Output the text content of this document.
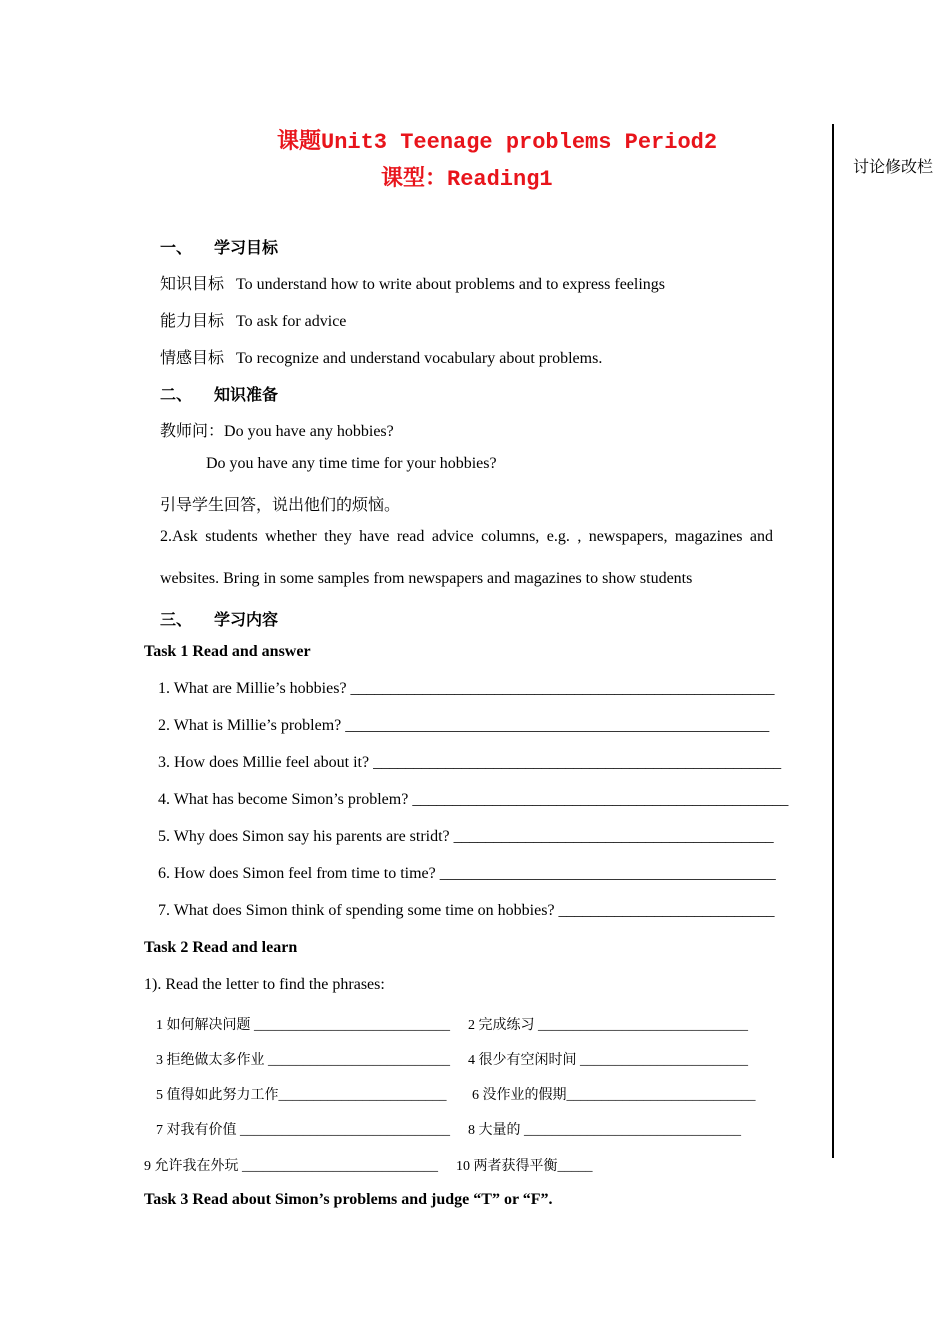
讨论修改栏
课题Unit3 Teenage problems Period2
课型：Reading1
一、 学习目标
知识目标 To understand how to write about problems and to express feelings
能力目标 To ask for advice
情感目标 To recognize and understand vocabulary about problems.
二、 知识准备
教师问：Do you have any hobbies?
Do you have any time time for your hobbies?
引导学生回答，说出他们的烦恼。
2.Ask students whether they have read advice columns, e.g. , newspapers, magazines and
websites. Bring in some samples from newspapers and magazines to show students
三、 学习内容
Task 1 Read and answer
1. What are Millie’s hobbies? _____________________________________________________
2. What is Millie’s problem? _____________________________________________________
3. How does Millie feel about it? ___________________________________________________
4. What has become Simon’s problem? _______________________________________________
5. Why does Simon say his parents are stridt? ________________________________________
6. How does Simon feel from time to time? __________________________________________
7. What does Simon think of spending some time on hobbies? ___________________________
Task 2 Read and learn
1). Read the letter to find the phrases:
1 如何解决问题 ____________________________ 2 完成练习 ______________________________
3 拒绝做太多作业 __________________________ 4 很少有空闲时间 ________________________
5 值得如此努力工作________________________ 6 没作业的假期___________________________
7 对我有价值 ______________________________ 8 大量的 _______________________________
9 允许我在外玩 ____________________________ 10 两者获得平衡_____
Task 3 Read about Simon’s problems and judge “T” or “F”.
